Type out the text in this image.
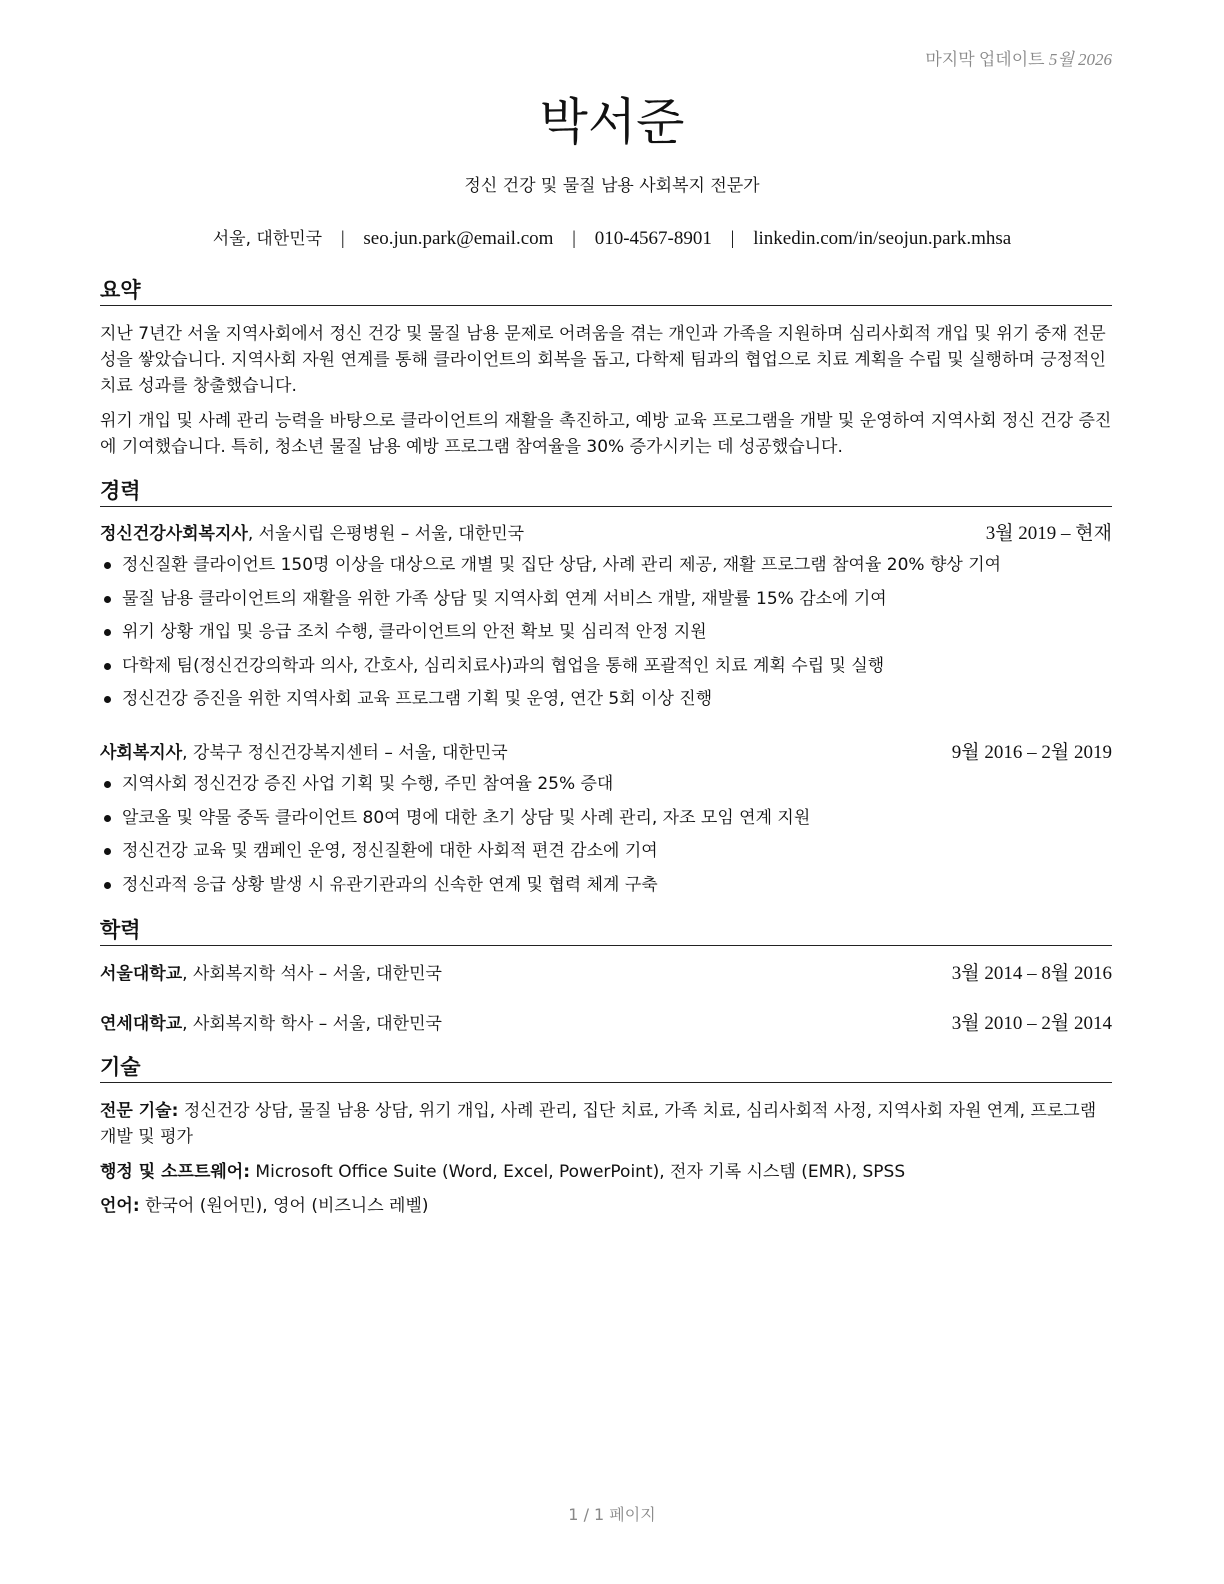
마지막 업데이트 5월 2026
박서준
정신 건강 및 물질 남용 사회복지 전문가
서울, 대한민국 | seo.jun.park@email.com | 010-4567-8901 | linkedin.com/in/seojun.park.mhsa
요약
지난 7년간 서울 지역사회에서 정신 건강 및 물질 남용 문제로 어려움을 겪는 개인과 가족을 지원하며 심리사회적 개입 및 위기 중재 전문성을 쌓았습니다. 지역사회 자원 연계를 통해 클라이언트의 회복을 돕고, 다학제 팀과의 협업으로 치료 계획을 수립 및 실행하며 긍정적인 치료 성과를 창출했습니다.
위기 개입 및 사례 관리 능력을 바탕으로 클라이언트의 재활을 촉진하고, 예방 교육 프로그램을 개발 및 운영하여 지역사회 정신 건강 증진에 기여했습니다. 특히, 청소년 물질 남용 예방 프로그램 참여율을 30% 증가시키는 데 성공했습니다.
경력
정신건강사회복지사, 서울시립 은평병원 – 서울, 대한민국	3월 2019 – 현재
정신질환 클라이언트 150명 이상을 대상으로 개별 및 집단 상담, 사례 관리 제공, 재활 프로그램 참여율 20% 향상 기여
물질 남용 클라이언트의 재활을 위한 가족 상담 및 지역사회 연계 서비스 개발, 재발률 15% 감소에 기여
위기 상황 개입 및 응급 조치 수행, 클라이언트의 안전 확보 및 심리적 안정 지원
다학제 팀(정신건강의학과 의사, 간호사, 심리치료사)과의 협업을 통해 포괄적인 치료 계획 수립 및 실행
정신건강 증진을 위한 지역사회 교육 프로그램 기획 및 운영, 연간 5회 이상 진행
사회복지사, 강북구 정신건강복지센터 – 서울, 대한민국	9월 2016 – 2월 2019
지역사회 정신건강 증진 사업 기획 및 수행, 주민 참여율 25% 증대
알코올 및 약물 중독 클라이언트 80여 명에 대한 초기 상담 및 사례 관리, 자조 모임 연계 지원
정신건강 교육 및 캠페인 운영, 정신질환에 대한 사회적 편견 감소에 기여
정신과적 응급 상황 발생 시 유관기관과의 신속한 연계 및 협력 체계 구축
학력
서울대학교, 사회복지학 석사 – 서울, 대한민국	3월 2014 – 8월 2016
연세대학교, 사회복지학 학사 – 서울, 대한민국	3월 2010 – 2월 2014
기술
전문 기술: 정신건강 상담, 물질 남용 상담, 위기 개입, 사례 관리, 집단 치료, 가족 치료, 심리사회적 사정, 지역사회 자원 연계, 프로그램 개발 및 평가
행정 및 소프트웨어: Microsoft Office Suite (Word, Excel, PowerPoint), 전자 기록 시스템 (EMR), SPSS
언어: 한국어 (원어민), 영어 (비즈니스 레벨)
1 / 1 페이지
